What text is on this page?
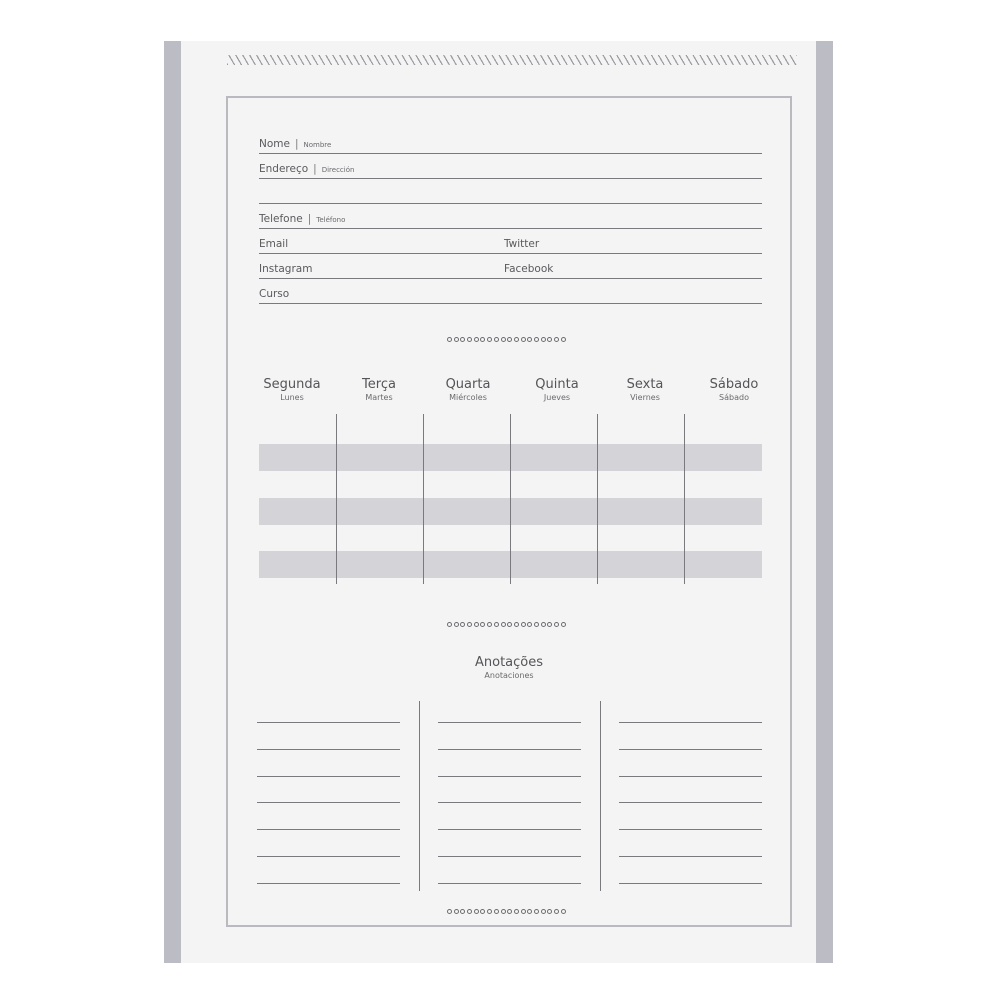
Nome | Nombre
Endereço | Dirección
Telefone | Teléfono
Email	Twitter
Instagram	Facebook
Curso
Segunda
Lunes
Terça
Martes
Quarta
Miércoles
Quinta
Jueves
Sexta
Viernes
Sábado
Sábado
Anotações
Anotaciones
